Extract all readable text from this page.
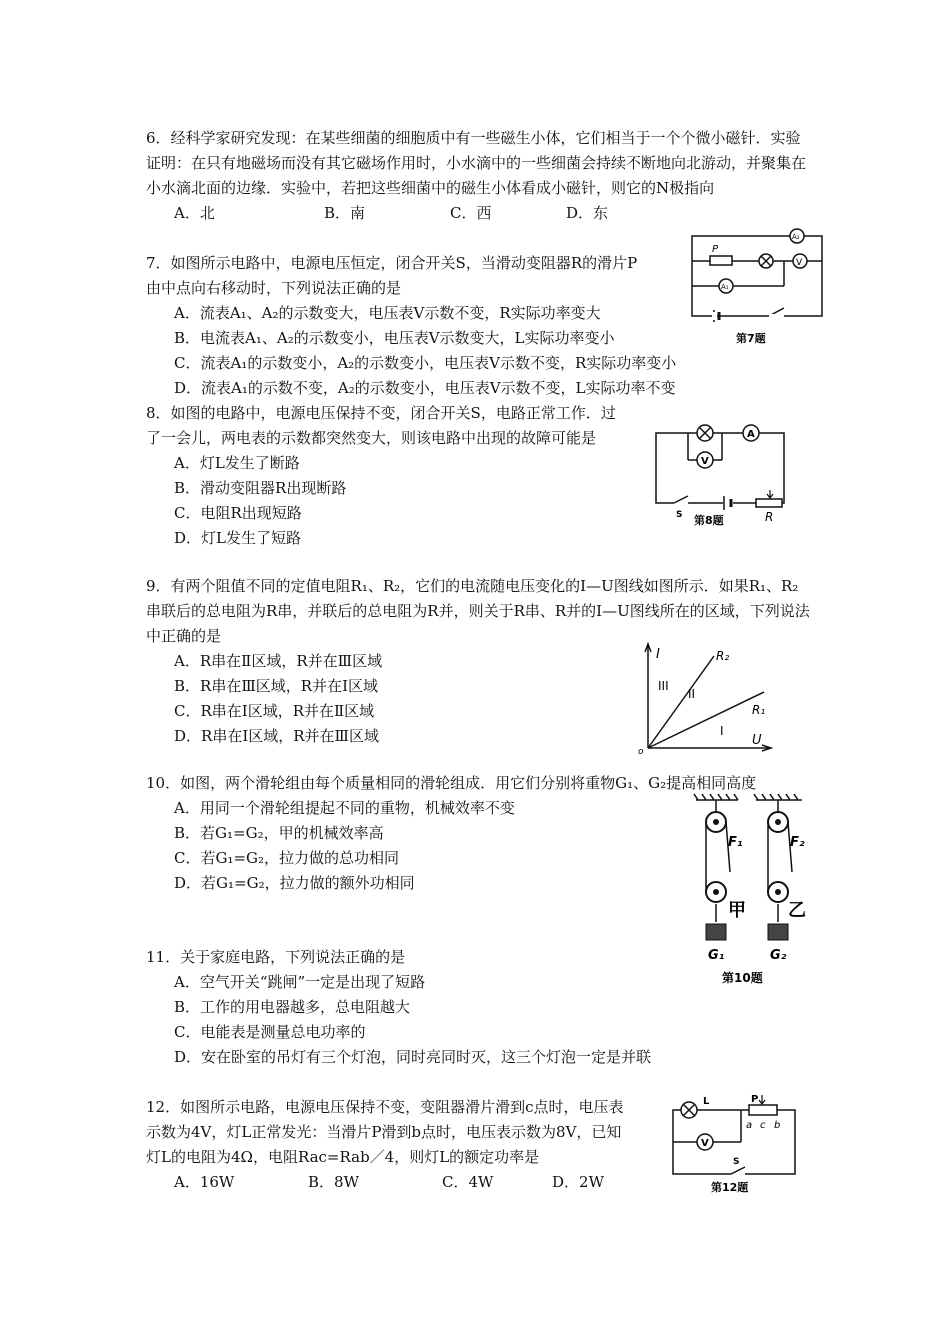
6．经科学家研究发现：在某些细菌的细胞质中有一些磁生小体，它们相当于一个个微小磁针．实验证明：在只有地磁场而没有其它磁场作用时，小水滴中的一些细菌会持续不断地向北游动，并聚集在小水滴北面的边缘．实验中，若把这些细菌中的磁生小体看成小磁针，则它的N极指向
A．北	B．南	C．西	D．东
7．如图所示电路中，电源电压恒定，闭合开关S，当滑动变阻器R的滑片P由中点向右移动时，下列说法正确的是
A．流表A₁、A₂的示数变大，电压表V示数不变，R实际功率变大
B．电流表A₁、A₂的示数变小，电压表V示数变大，L实际功率变小
C．流表A₁的示数变小，A₂的示数变小，电压表V示数不变，R实际功率变小
D．流表A₁的示数不变，A₂的示数变小，电压表V示数不变，L实际功率不变
P
A₂
V
A₁
第7题
8．如图的电路中，电源电压保持不变，闭合开关S，电路正常工作．过了一会儿，两电表的示数都突然变大，则该电路中出现的故障可能是
A．灯L发生了断路
B．滑动变阻器R出现断路
C．电阻R出现短路
D．灯L发生了短路
A
V
S	R
第8题
9．有两个阻值不同的定值电阻R₁、R₂，它们的电流随电压变化的I—U图线如图所示．如果R₁、R₂串联后的总电阻为R串，并联后的总电阻为R并，则关于R串、R并的I—U图线所在的区域，下列说法中正确的是
A．R串在Ⅱ区域，R并在Ⅲ区域
B．R串在Ⅲ区域，R并在Ⅰ区域
C．R串在Ⅰ区域，R并在Ⅱ区域
D．R串在Ⅰ区域，R并在Ⅲ区域
I
U
R₂
R₁
III
II
I
o
10．如图，两个滑轮组由每个质量相同的滑轮组成．用它们分别将重物G₁、G₂提高相同高度
A．用同一个滑轮组提起不同的重物，机械效率不变
B．若G₁=G₂，甲的机械效率高
C．若G₁=G₂，拉力做的总功相同
D．若G₁=G₂，拉力做的额外功相同
F₁	F₂
甲 乙
G₁	G₂
第10题
11．关于家庭电路，下列说法正确的是
A．空气开关“跳闸”一定是出现了短路
B．工作的用电器越多，总电阻越大
C．电能表是测量总电功率的
D．安在卧室的吊灯有三个灯泡，同时亮同时灭，这三个灯泡一定是并联
12．如图所示电路，电源电压保持不变，变阻器滑片滑到c点时，电压表示数为4V，灯L正常发光：当滑片P滑到b点时，电压表示数为8V，已知灯L的电阻为4Ω，电阻Rac=Rab／4，则灯L的额定功率是
A．16W	B．8W	C．4W	D．2W
L	P
a c b
V
S
第12题
